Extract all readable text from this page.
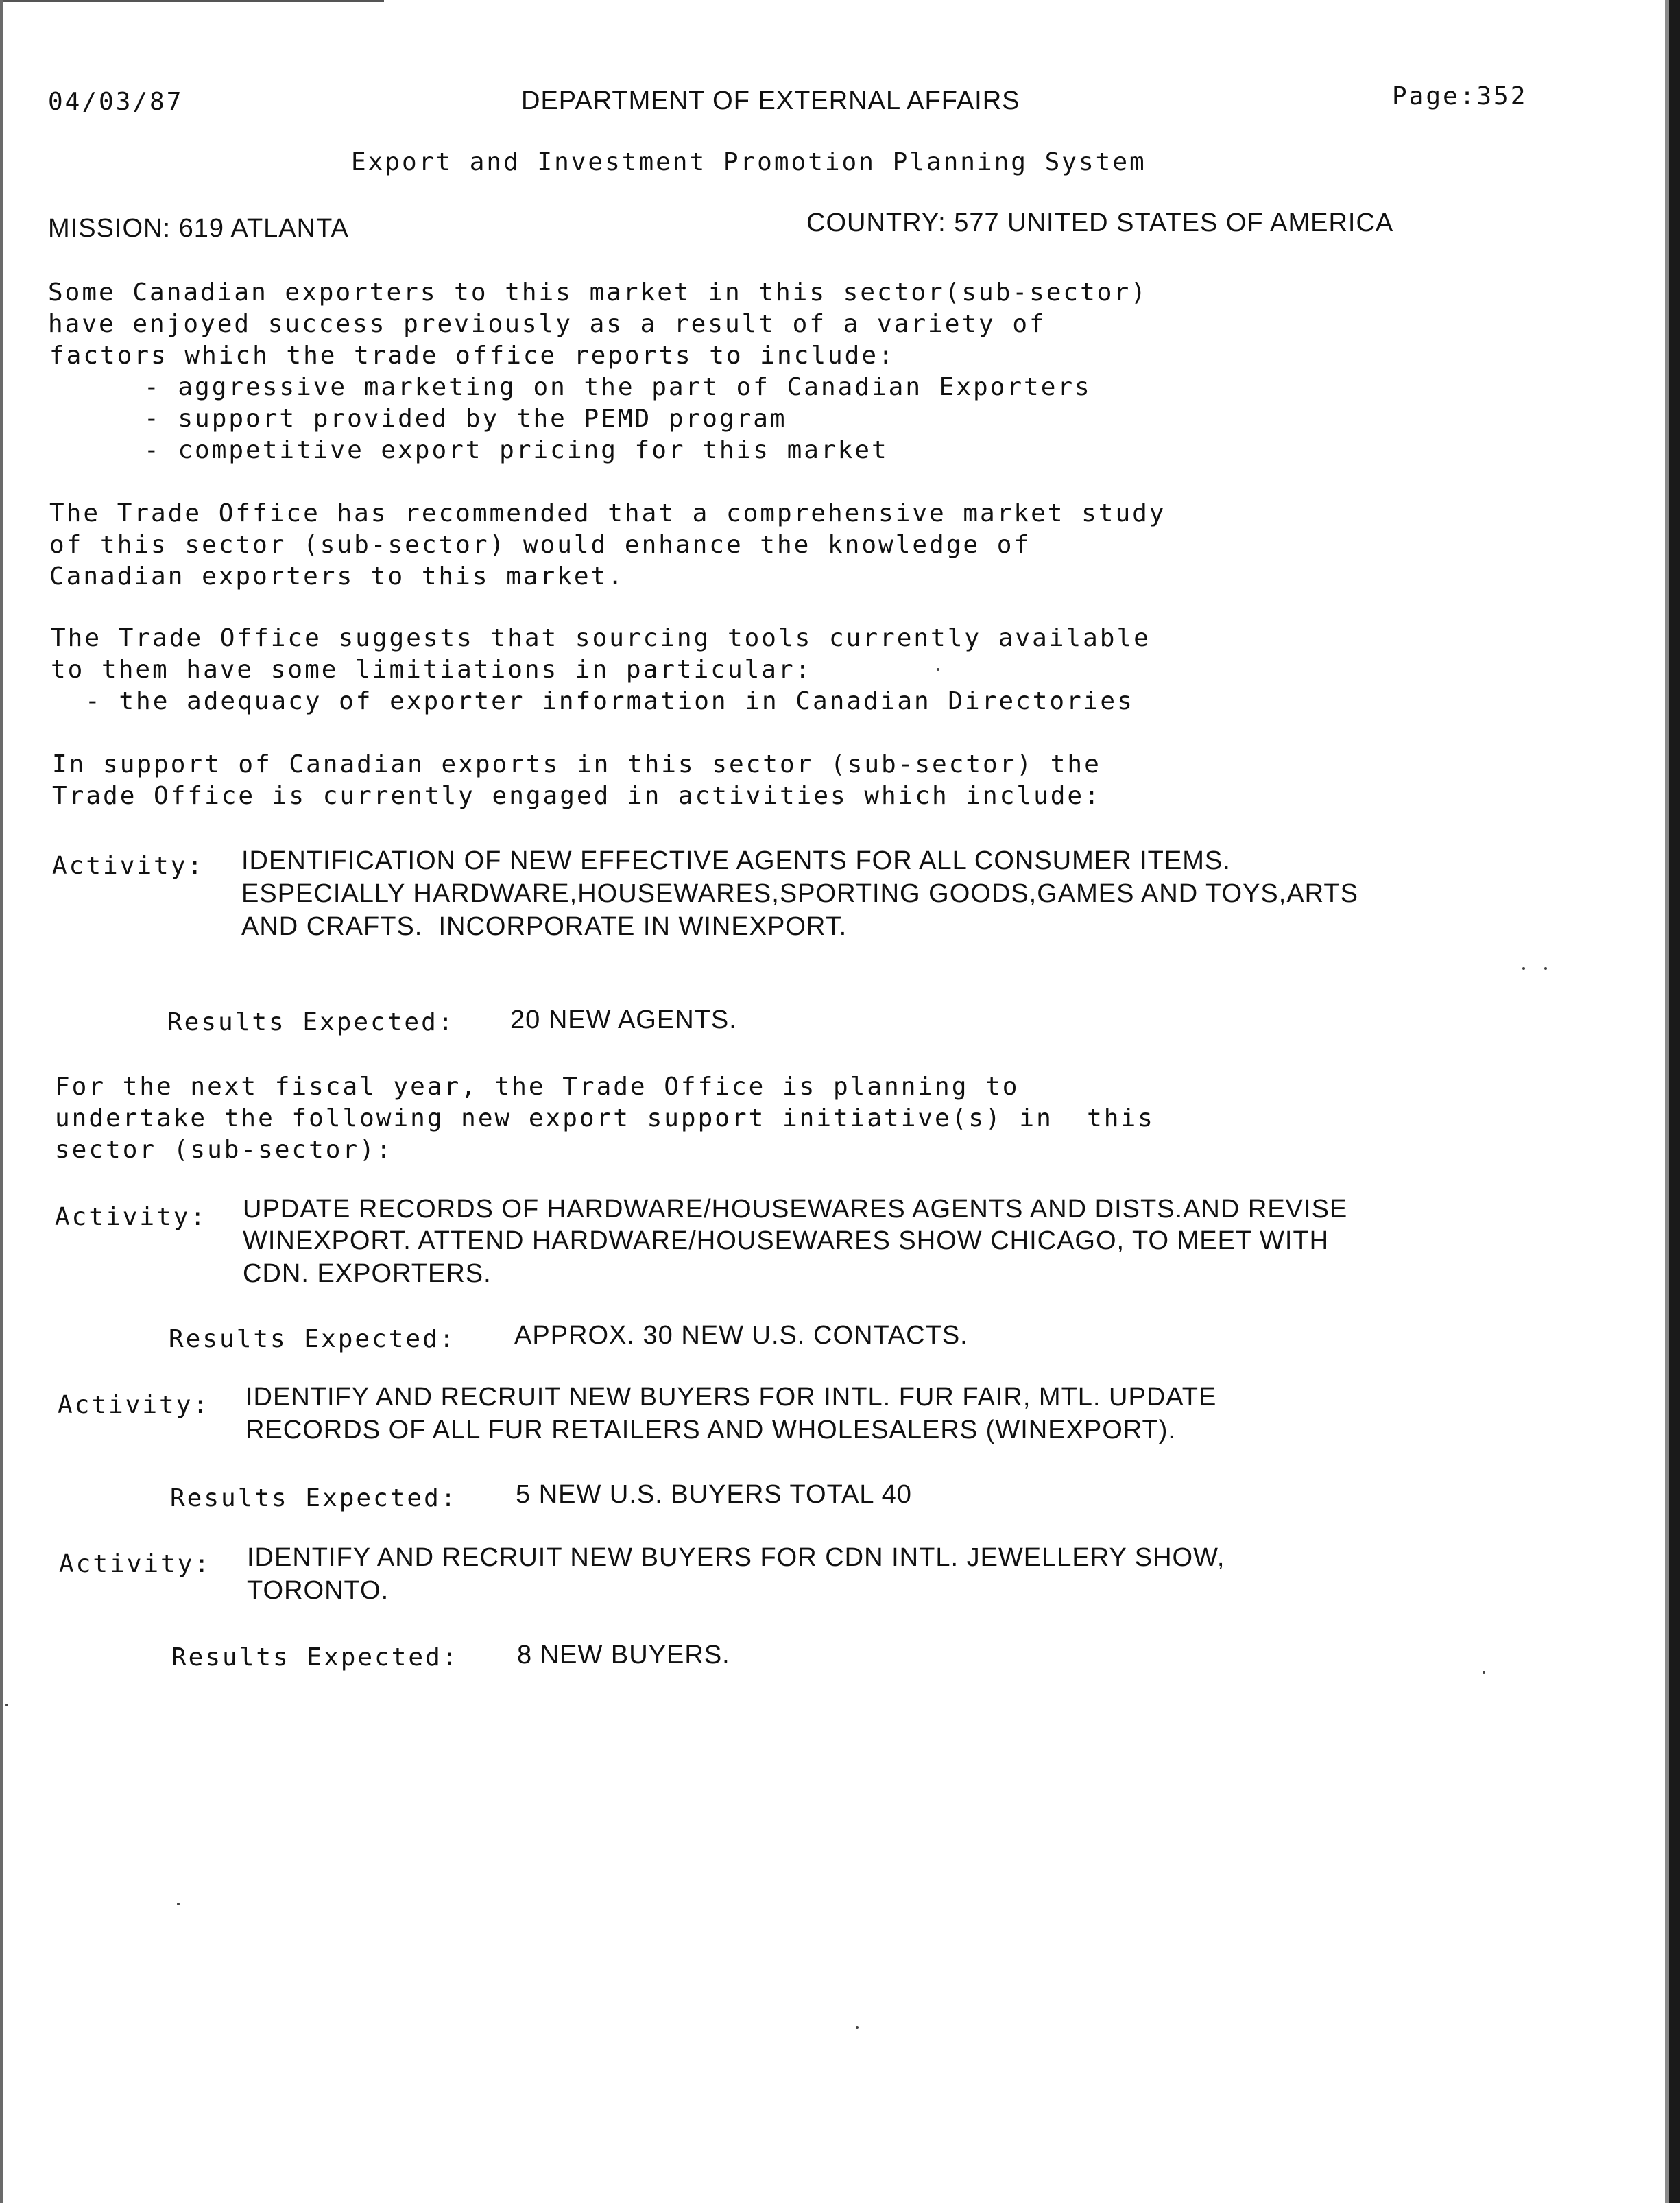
04/03/87	DEPARTMENT OF EXTERNAL AFFAIRS	Page:352
Export and Investment Promotion Planning System
MISSION: 619 ATLANTA	COUNTRY: 577 UNITED STATES OF AMERICA
Some Canadian exporters to this market in this sector(sub-sector)
have enjoyed success previously as a result of a variety of
factors which the trade office reports to include:
- aggressive marketing on the part of Canadian Exporters
- support provided by the PEMD program
- competitive export pricing for this market
The Trade Office has recommended that a comprehensive market study
of this sector (sub-sector) would enhance the knowledge of
Canadian exporters to this market.
The Trade Office suggests that sourcing tools currently available
to them have some limitiations in particular:
- the adequacy of exporter information in Canadian Directories
In support of Canadian exports in this sector (sub-sector) the
Trade Office is currently engaged in activities which include:
Activity: IDENTIFICATION OF NEW EFFECTIVE AGENTS FOR ALL CONSUMER ITEMS.
ESPECIALLY HARDWARE,HOUSEWARES,SPORTING GOODS,GAMES AND TOYS,ARTS
AND CRAFTS.  INCORPORATE IN WINEXPORT.
Results Expected: 20 NEW AGENTS.
For the next fiscal year, the Trade Office is planning to
undertake the following new export support initiative(s) in  this
sector (sub-sector):
Activity: UPDATE RECORDS OF HARDWARE/HOUSEWARES AGENTS AND DISTS.AND REVISE
WINEXPORT. ATTEND HARDWARE/HOUSEWARES SHOW CHICAGO, TO MEET WITH
CDN. EXPORTERS.
Results Expected: APPROX. 30 NEW U.S. CONTACTS.
Activity: IDENTIFY AND RECRUIT NEW BUYERS FOR INTL. FUR FAIR, MTL. UPDATE
RECORDS OF ALL FUR RETAILERS AND WHOLESALERS (WINEXPORT).
Results Expected: 5 NEW U.S. BUYERS TOTAL 40
Activity: IDENTIFY AND RECRUIT NEW BUYERS FOR CDN INTL. JEWELLERY SHOW,
TORONTO.
Results Expected: 8 NEW BUYERS.
